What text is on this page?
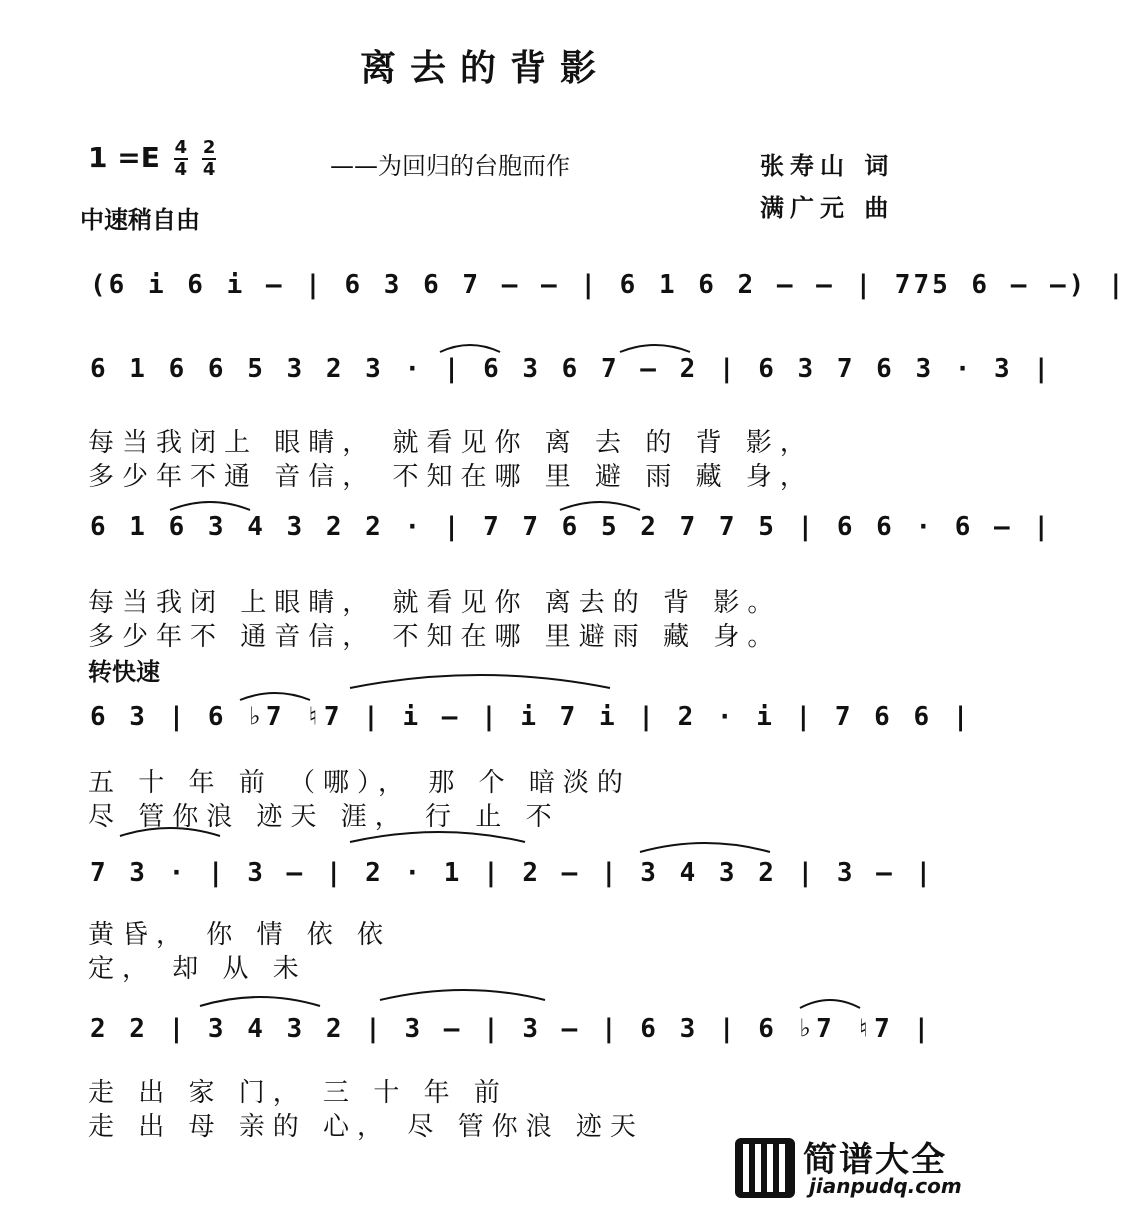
离去的背影
$1 =E \frac{4}{4}$
$\frac{2}{4}$	——为回归的台胞而作	张寿山 词
满广元 曲
中速稍自由
(6 i 6 i — | 6 3 6 7 — — | 6 1 6 2 — — | 775 6 — —) |
6 1 6 6 5 3 2 3 · | 6 3 6 7 — 2 | 6 3 7 6 3 · 3 |
每当我闭上 眼睛， 就看见你 离 去 的 背 影，
多少年不通 音信， 不知在哪 里 避 雨 藏 身，
6 1 6 3 4 3 2 2 · | 7 7 6 5 2 7 7 5 | 6 6 · 6 — |
每当我闭 上眼睛， 就看见你 离去的 背 影。
多少年不 通音信， 不知在哪 里避雨 藏 身。
转快速
6 3 | 6 ♭7 ♮7 | i — | i 7 i | 2 · i | 7 6 6 |
五 十 年 前 （哪）， 那 个 暗淡的
尽 管你浪 迹天 涯， 行 止 不
7 3 · | 3 — | 2 · 1 | 2 — | 3 4 3 2 | 3 — |
黄昏， 你 情 依 依
定， 却 从 未
2 2 | 3 4 3 2 | 3 — | 3 — | 6 3 | 6 ♭7 ♮7 |
走 出 家 门， 三 十 年 前
走 出 母 亲的 心， 尽 管你浪 迹天
简谱大全
jianpudq.com
